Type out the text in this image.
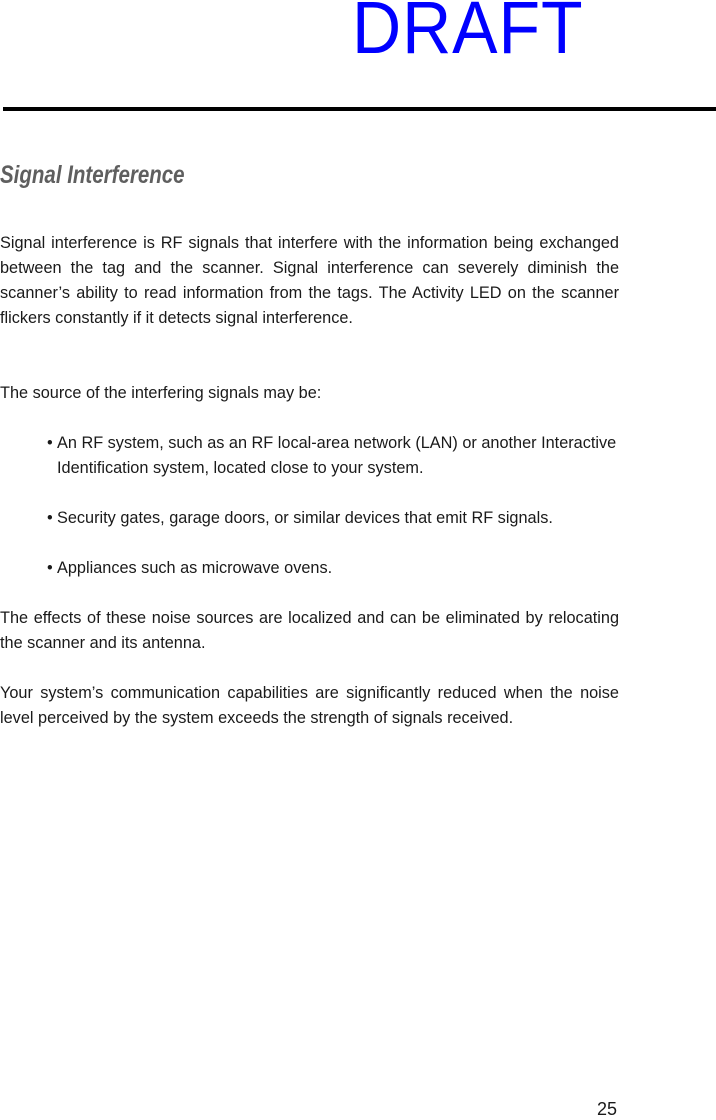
DRAFT
Signal Interference
Signal interference is RF signals that interfere with the information being exchanged between the tag and the scanner. Signal interference can severely diminish the scanner’s ability to read information from the tags. The Activity LED on the scanner flickers constantly if it detects signal interference.
The source of the interfering signals may be:
• An RF system, such as an RF local-area network (LAN) or another Interactive Identification system, located close to your system.
• Security gates, garage doors, or similar devices that emit RF signals.
• Appliances such as microwave ovens.
The effects of these noise sources are localized and can be eliminated by relocating the scanner and its antenna.
Your system’s communication capabilities are significantly reduced when the noise level perceived by the system exceeds the strength of signals received.
25
